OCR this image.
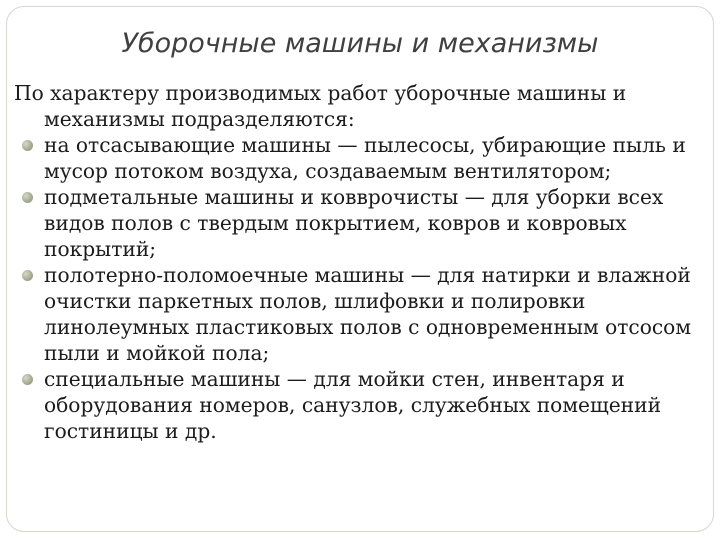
Уборочные машины и механизмы

По характеру производимых работ уборочные машины и механизмы подразделяются:

на отсасывающие машины — пылесосы, убирающие пыль и мусор потоком воздуха, создаваемым вентилятором;
подметальные машины и ковврочисты — для уборки всех видов полов с твердым покрытием, ковров и ковровых покрытий;
полотерно-поломоечные машины — для натирки и влажной очистки паркетных полов, шлифовки и полировки линолеумных пластиковых полов с одновременным отсосом пыли и мойкой пола;
специальные машины — для мойки стен, инвентаря и оборудования номеров, санузлов, служебных помещений гостиницы и др.
